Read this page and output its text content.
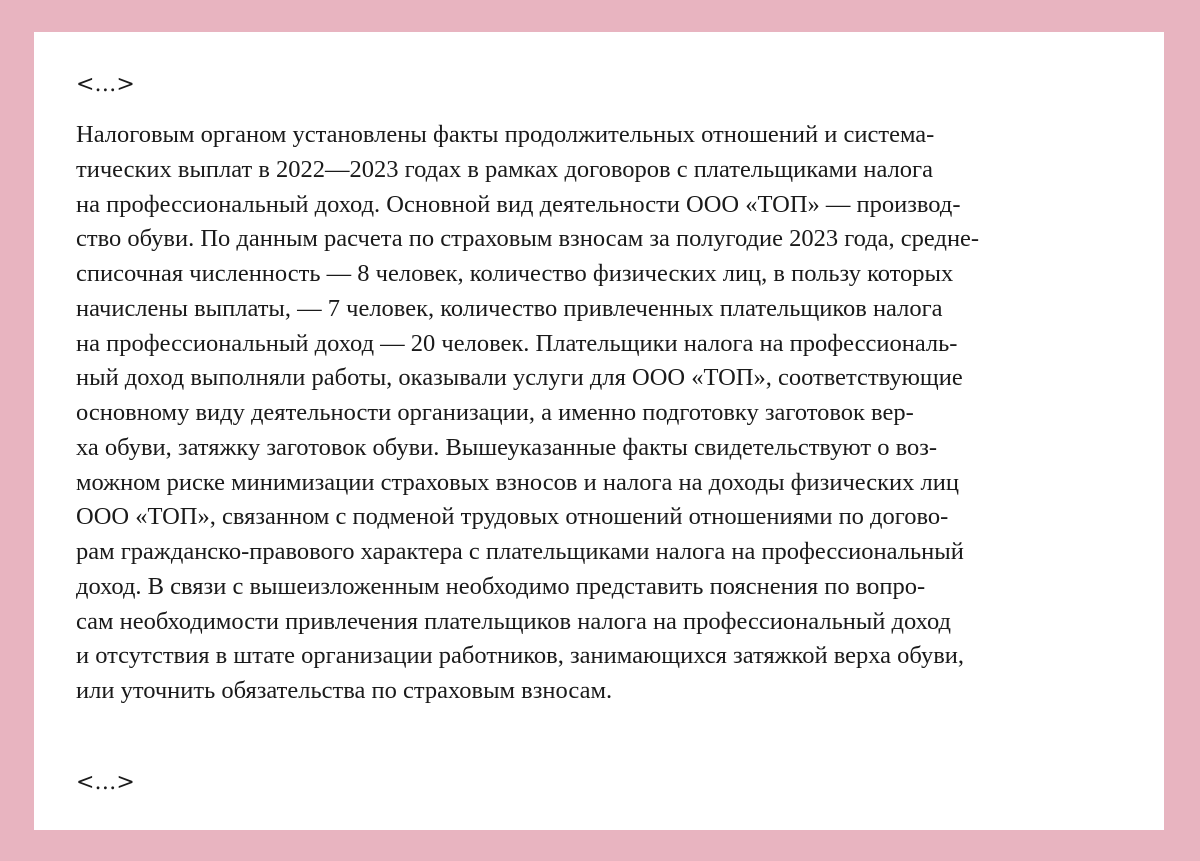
<…>
Налоговым органом установлены факты продолжительных отношений и система-
тических выплат в 2022—2023 годах в рамках договоров с плательщиками налога
на профессиональный доход. Основной вид деятельности ООО «ТОП» — производ-
ство обуви. По данным расчета по страховым взносам за полугодие 2023 года, средне-
списочная численность — 8 человек, количество физических лиц, в пользу которых
начислены выплаты, — 7 человек, количество привлеченных плательщиков налога
на профессиональный доход — 20 человек. Плательщики налога на профессиональ-
ный доход выполняли работы, оказывали услуги для ООО «ТОП», соответствующие
основному виду деятельности организации, а именно подготовку заготовок вер-
ха обуви, затяжку заготовок обуви. Вышеуказанные факты свидетельствуют о воз-
можном риске минимизации страховых взносов и налога на доходы физических лиц
ООО «ТОП», связанном с подменой трудовых отношений отношениями по догово-
рам гражданско-правового характера с плательщиками налога на профессиональный
доход. В связи с вышеизложенным необходимо представить пояснения по вопро-
сам необходимости привлечения плательщиков налога на профессиональный доход
и отсутствия в штате организации работников, занимающихся затяжкой верха обуви,
или уточнить обязательства по страховым взносам.
<…>
